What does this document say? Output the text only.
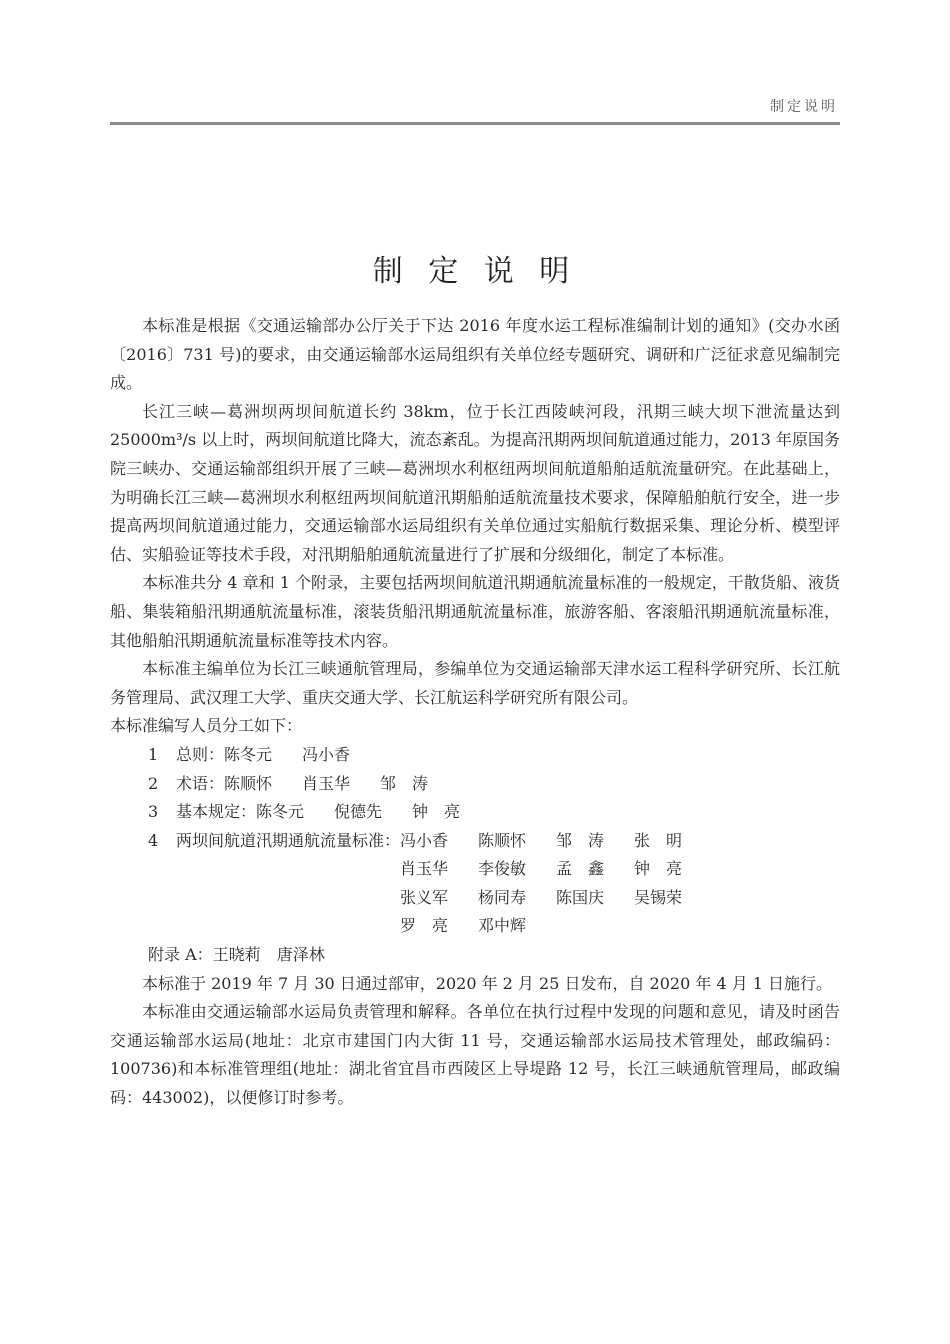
制定说明
制 定 说 明

本标准是根据《交通运输部办公厅关于下达 2016 年度水运工程标准编制计划的通知》(交办水函〔2016〕731 号)的要求，由交通运输部水运局组织有关单位经专题研究、调研和广泛征求意见编制完成。

长江三峡—葛洲坝两坝间航道长约 38km，位于长江西陵峡河段，汛期三峡大坝下泄流量达到 25000m³/s 以上时，两坝间航道比降大，流态紊乱。为提高汛期两坝间航道通过能力，2013 年原国务院三峡办、交通运输部组织开展了三峡—葛洲坝水利枢纽两坝间航道船舶适航流量研究。在此基础上，为明确长江三峡—葛洲坝水利枢纽两坝间航道汛期船舶适航流量技术要求，保障船舶航行安全，进一步提高两坝间航道通过能力，交通运输部水运局组织有关单位通过实船航行数据采集、理论分析、模型评估、实船验证等技术手段，对汛期船舶通航流量进行了扩展和分级细化，制定了本标准。

本标准共分 4 章和 1 个附录，主要包括两坝间航道汛期通航流量标准的一般规定，干散货船、液货船、集装箱船汛期通航流量标准，滚装货船汛期通航流量标准，旅游客船、客滚船汛期通航流量标准，其他船舶汛期通航流量标准等技术内容。

本标准主编单位为长江三峡通航管理局，参编单位为交通运输部天津水运工程科学研究所、长江航务管理局、武汉理工大学、重庆交通大学、长江航运科学研究所有限公司。

本标准编写人员分工如下：

1	总则： 陈冬元	冯小香
2	术语： 陈顺怀	肖玉华	邹　涛
3	基本规定： 陈冬元	倪德先	钟　亮
4	两坝间航道汛期通航流量标准： 冯小香	陈顺怀	邹　涛	张　明
肖玉华	李俊敏	孟　鑫	钟　亮
张义军	杨同寿	陈国庆	吴锡荣
罗　亮	邓中辉
附录 A：王晓莉　 唐泽林

本标准于 2019 年 7 月 30 日通过部审，2020 年 2 月 25 日发布，自 2020 年 4 月 1 日施行。

本标准由交通运输部水运局负责管理和解释。各单位在执行过程中发现的问题和意见，请及时函告交通运输部水运局(地址：北京市建国门内大街 11 号，交通运输部水运局技术管理处，邮政编码：100736)和本标准管理组(地址：湖北省宜昌市西陵区上导堤路 12 号，长江三峡通航管理局，邮政编码：443002)，以便修订时参考。
